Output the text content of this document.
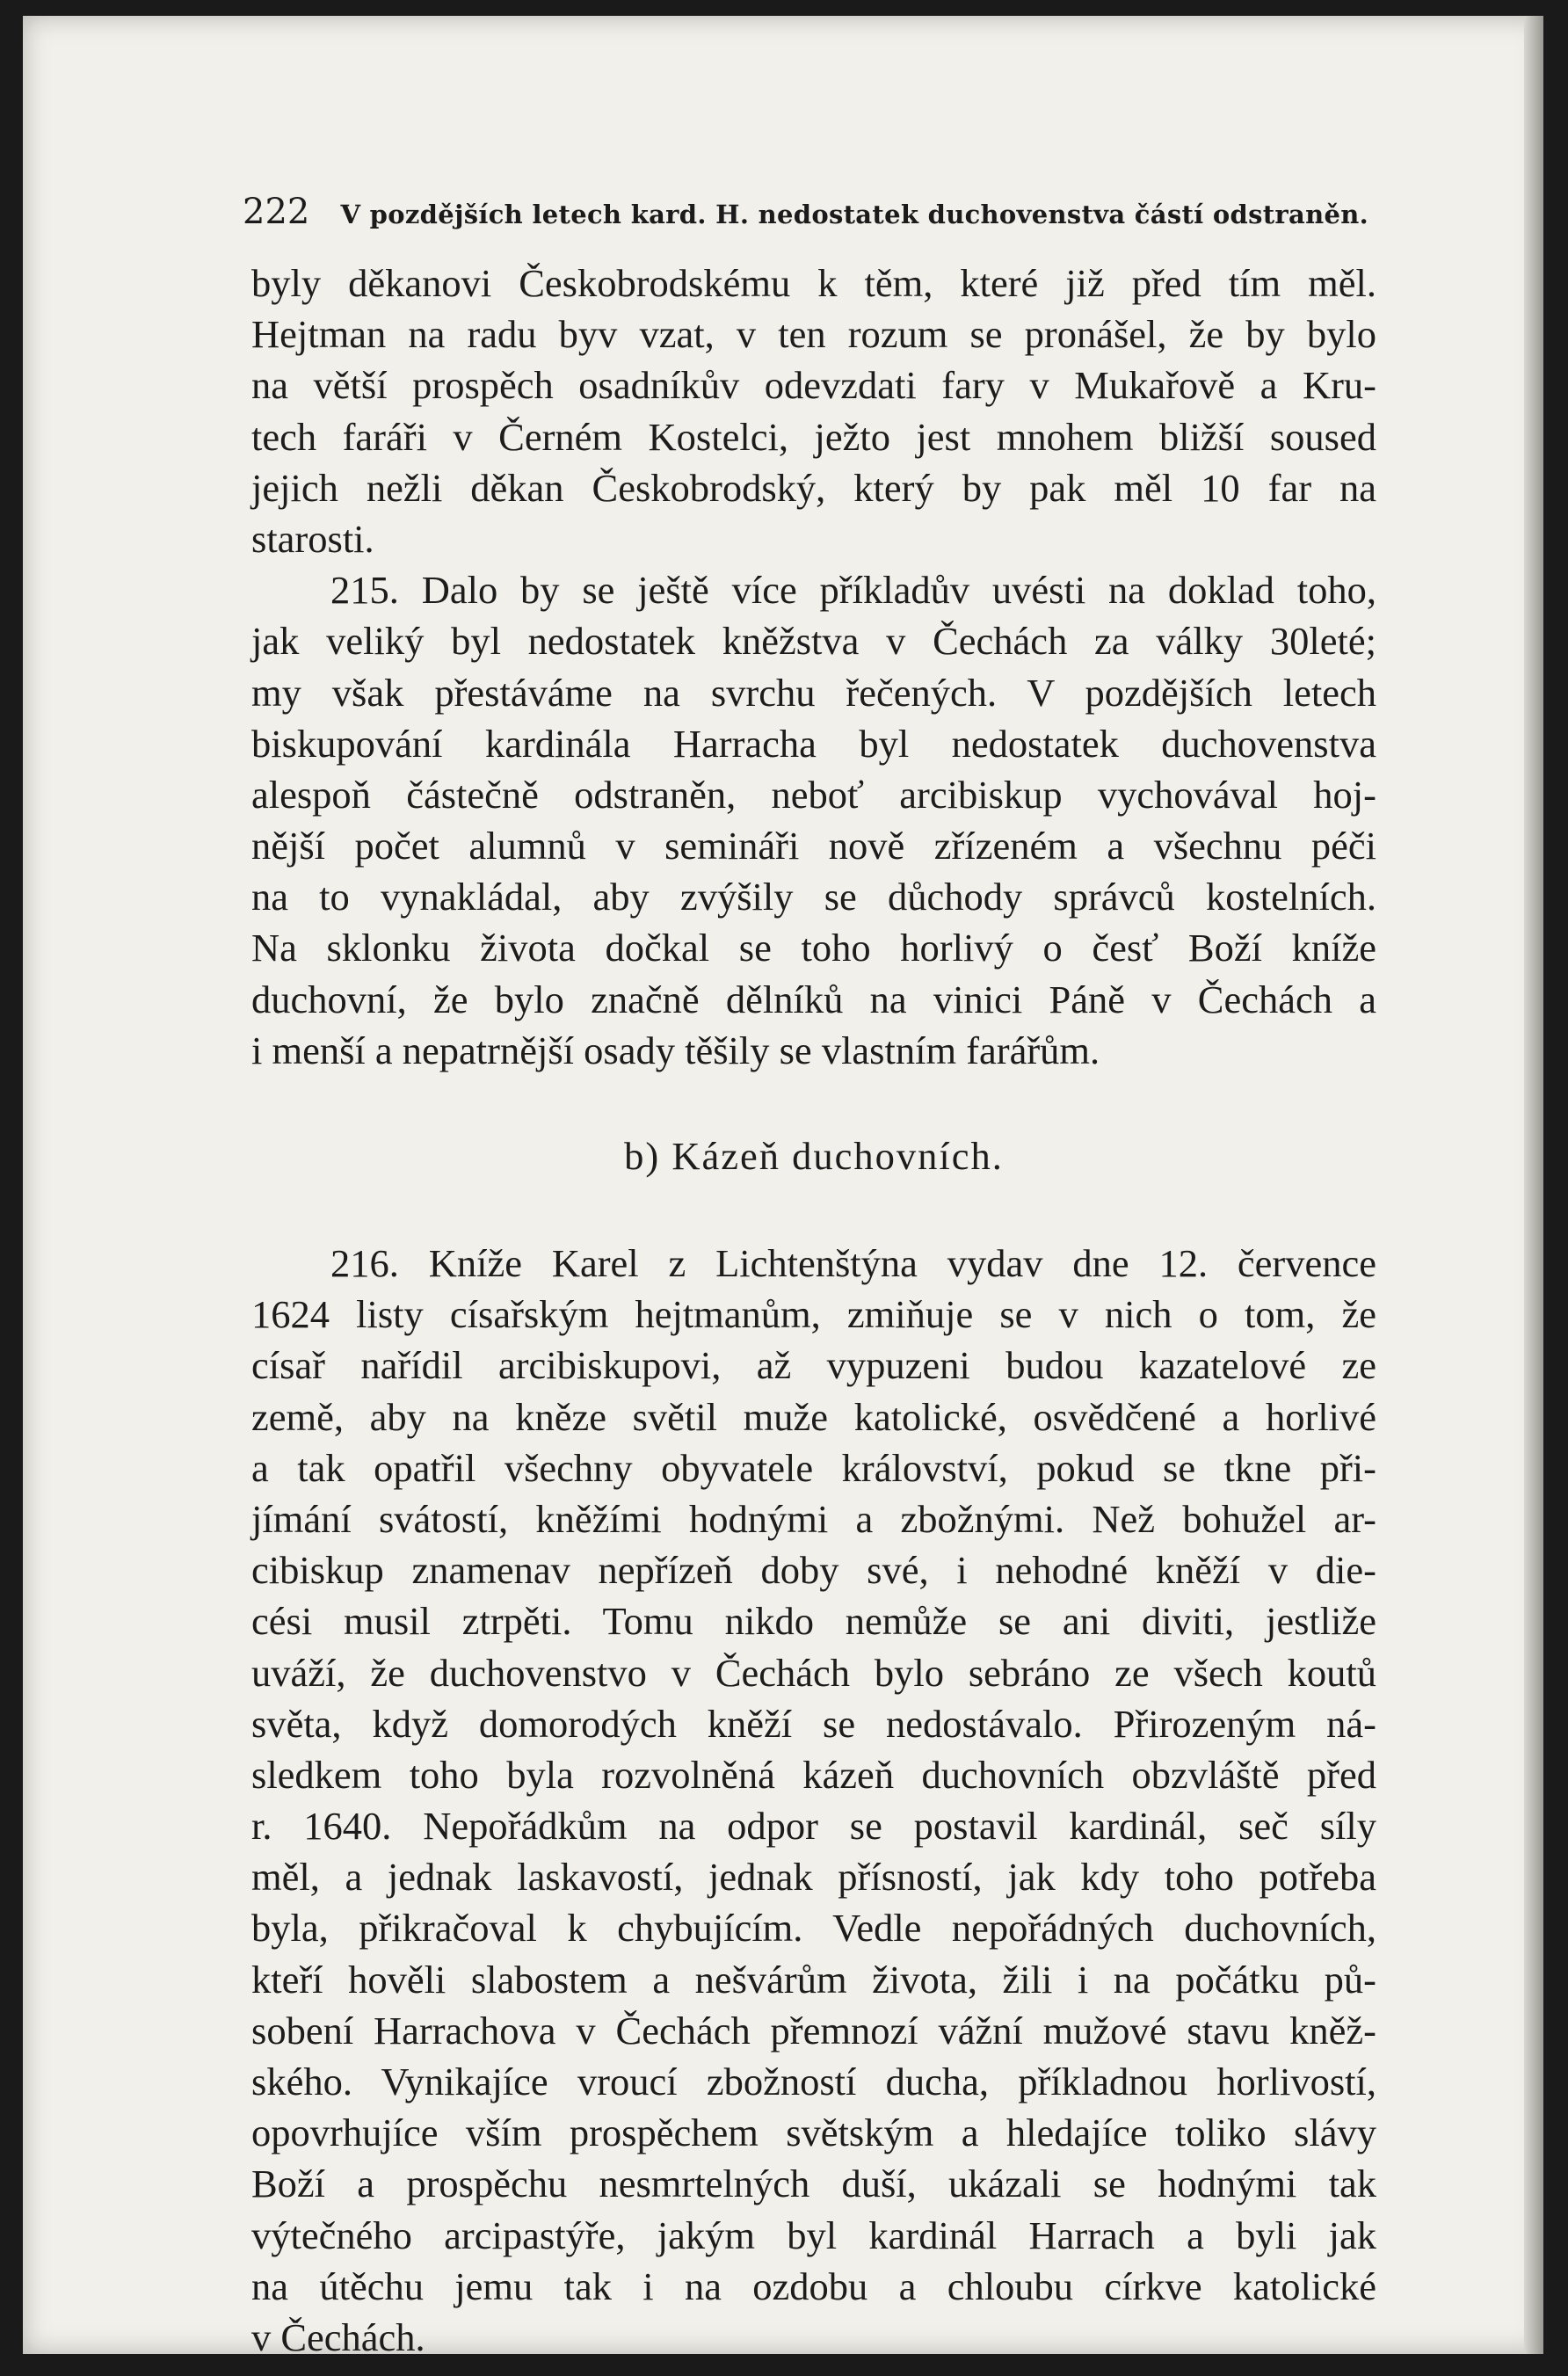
222 V pozdějších letech kard. H. nedostatek duchovenstva částí odstraněn.
byly děkanovi Českobrodskému k těm, které již před tím měl.
Hejtman na radu byv vzat, v ten rozum se pronášel, že by bylo
na větší prospěch osadníkův odevzdati fary v Mukařově a Kru-
tech faráři v Černém Kostelci, ježto jest mnohem bližší soused
jejich nežli děkan Českobrodský, který by pak měl 10 far na
starosti.
215. Dalo by se ještě více příkladův uvésti na doklad toho,
jak veliký byl nedostatek kněžstva v Čechách za války 30leté;
my však přestáváme na svrchu řečených. V pozdějších letech
biskupování kardinála Harracha byl nedostatek duchovenstva
alespoň částečně odstraněn, neboť arcibiskup vychovával hoj-
nější počet alumnů v semináři nově zřízeném a všechnu péči
na to vynakládal, aby zvýšily se důchody správců kostelních.
Na sklonku života dočkal se toho horlivý o česť Boží kníže
duchovní, že bylo značně dělníků na vinici Páně v Čechách a
i menší a nepatrnější osady těšily se vlastním farářům.
b) Kázeň duchovních.
216. Kníže Karel z Lichtenštýna vydav dne 12. července
1624 listy císařským hejtmanům, zmiňuje se v nich o tom, že
císař nařídil arcibiskupovi, až vypuzeni budou kazatelové ze
země, aby na kněze světil muže katolické, osvědčené a horlivé
a tak opatřil všechny obyvatele království, pokud se tkne při-
jímání svátostí, kněžími hodnými a zbožnými. Než bohužel ar-
cibiskup znamenav nepřízeň doby své, i nehodné kněží v die-
cési musil ztrpěti. Tomu nikdo nemůže se ani diviti, jestliže
uváží, že duchovenstvo v Čechách bylo sebráno ze všech koutů
světa, když domorodých kněží se nedostávalo. Přirozeným ná-
sledkem toho byla rozvolněná kázeň duchovních obzvláště před
r. 1640. Nepořádkům na odpor se postavil kardinál, seč síly
měl, a jednak laskavostí, jednak přísností, jak kdy toho potřeba
byla, přikračoval k chybujícím. Vedle nepořádných duchovních,
kteří hověli slabostem a nešvárům života, žili i na počátku pů-
sobení Harrachova v Čechách přemnozí vážní mužové stavu kněž-
ského. Vynikajíce vroucí zbožností ducha, příkladnou horlivostí,
opovrhujíce vším prospěchem světským a hledajíce toliko slávy
Boží a prospěchu nesmrtelných duší, ukázali se hodnými tak
výtečného arcipastýře, jakým byl kardinál Harrach a byli jak
na útěchu jemu tak i na ozdobu a chloubu církve katolické
v Čechách.
